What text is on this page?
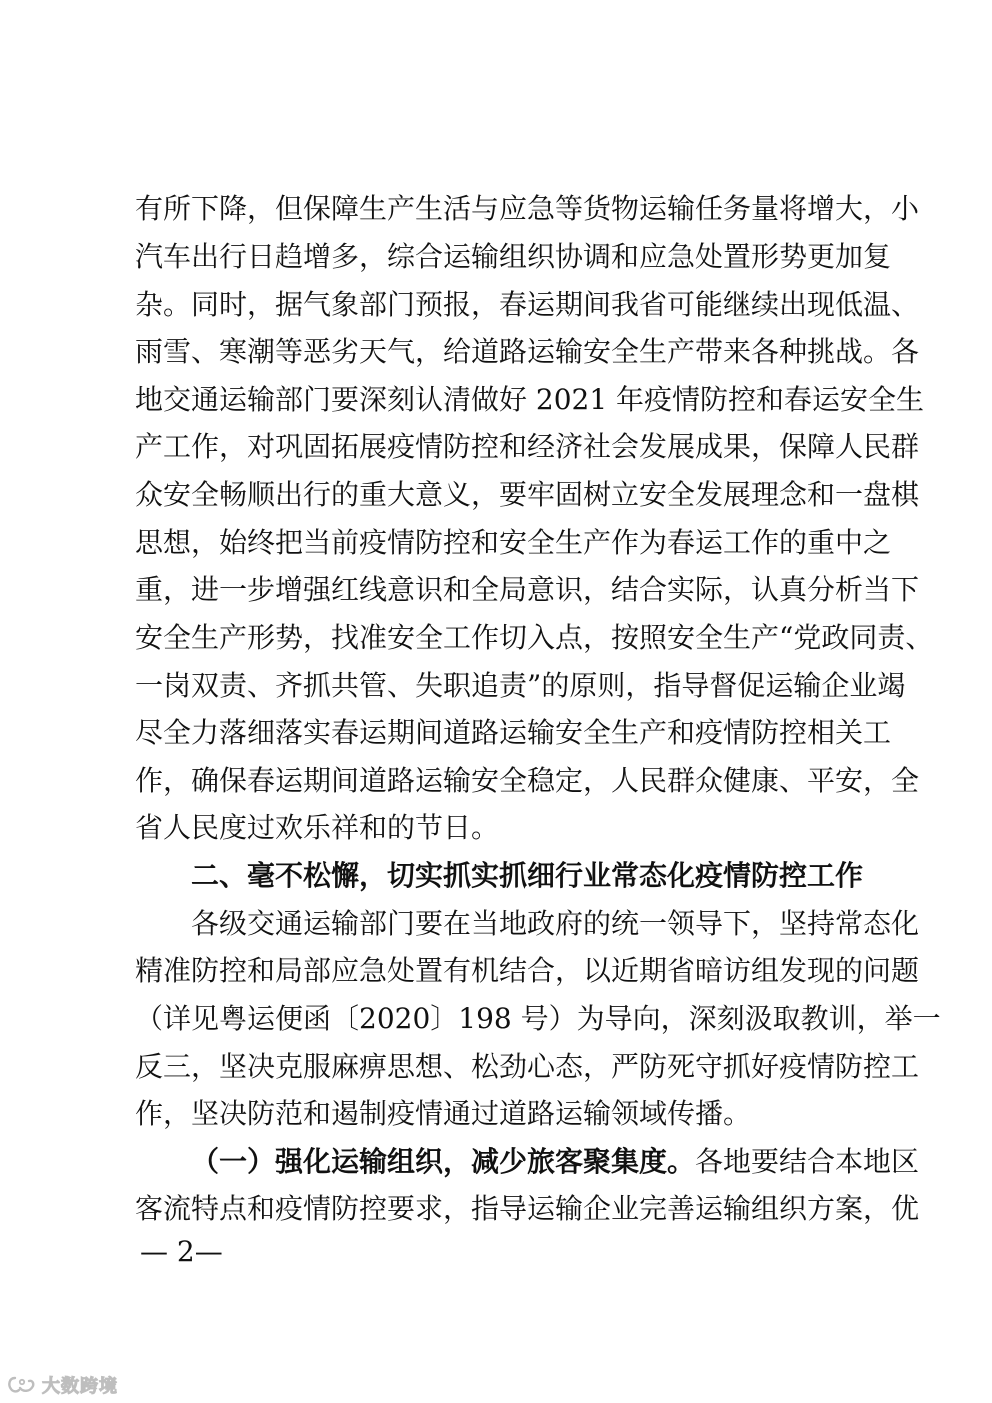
有所下降，但保障生产生活与应急等货物运输任务量将增大，小
汽车出行日趋增多，综合运输组织协调和应急处置形势更加复
杂。同时，据气象部门预报，春运期间我省可能继续出现低温、
雨雪、寒潮等恶劣天气，给道路运输安全生产带来各种挑战。各
地交通运输部门要深刻认清做好 2021 年疫情防控和春运安全生
产工作，对巩固拓展疫情防控和经济社会发展成果，保障人民群
众安全畅顺出行的重大意义，要牢固树立安全发展理念和一盘棋
思想，始终把当前疫情防控和安全生产作为春运工作的重中之
重，进一步增强红线意识和全局意识，结合实际，认真分析当下
安全生产形势，找准安全工作切入点，按照安全生产“党政同责、
一岗双责、齐抓共管、失职追责”的原则，指导督促运输企业竭
尽全力落细落实春运期间道路运输安全生产和疫情防控相关工
作，确保春运期间道路运输安全稳定，人民群众健康、平安，全
省人民度过欢乐祥和的节日。
二、毫不松懈，切实抓实抓细行业常态化疫情防控工作
各级交通运输部门要在当地政府的统一领导下，坚持常态化
精准防控和局部应急处置有机结合，以近期省暗访组发现的问题
（详见粤运便函〔2020〕198 号）为导向，深刻汲取教训，举一
反三，坚决克服麻痹思想、松劲心态，严防死守抓好疫情防控工
作，坚决防范和遏制疫情通过道路运输领域传播。
（一）强化运输组织，减少旅客聚集度。各地要结合本地区
客流特点和疫情防控要求，指导运输企业完善运输组织方案，优
— 2—
大数跨境
